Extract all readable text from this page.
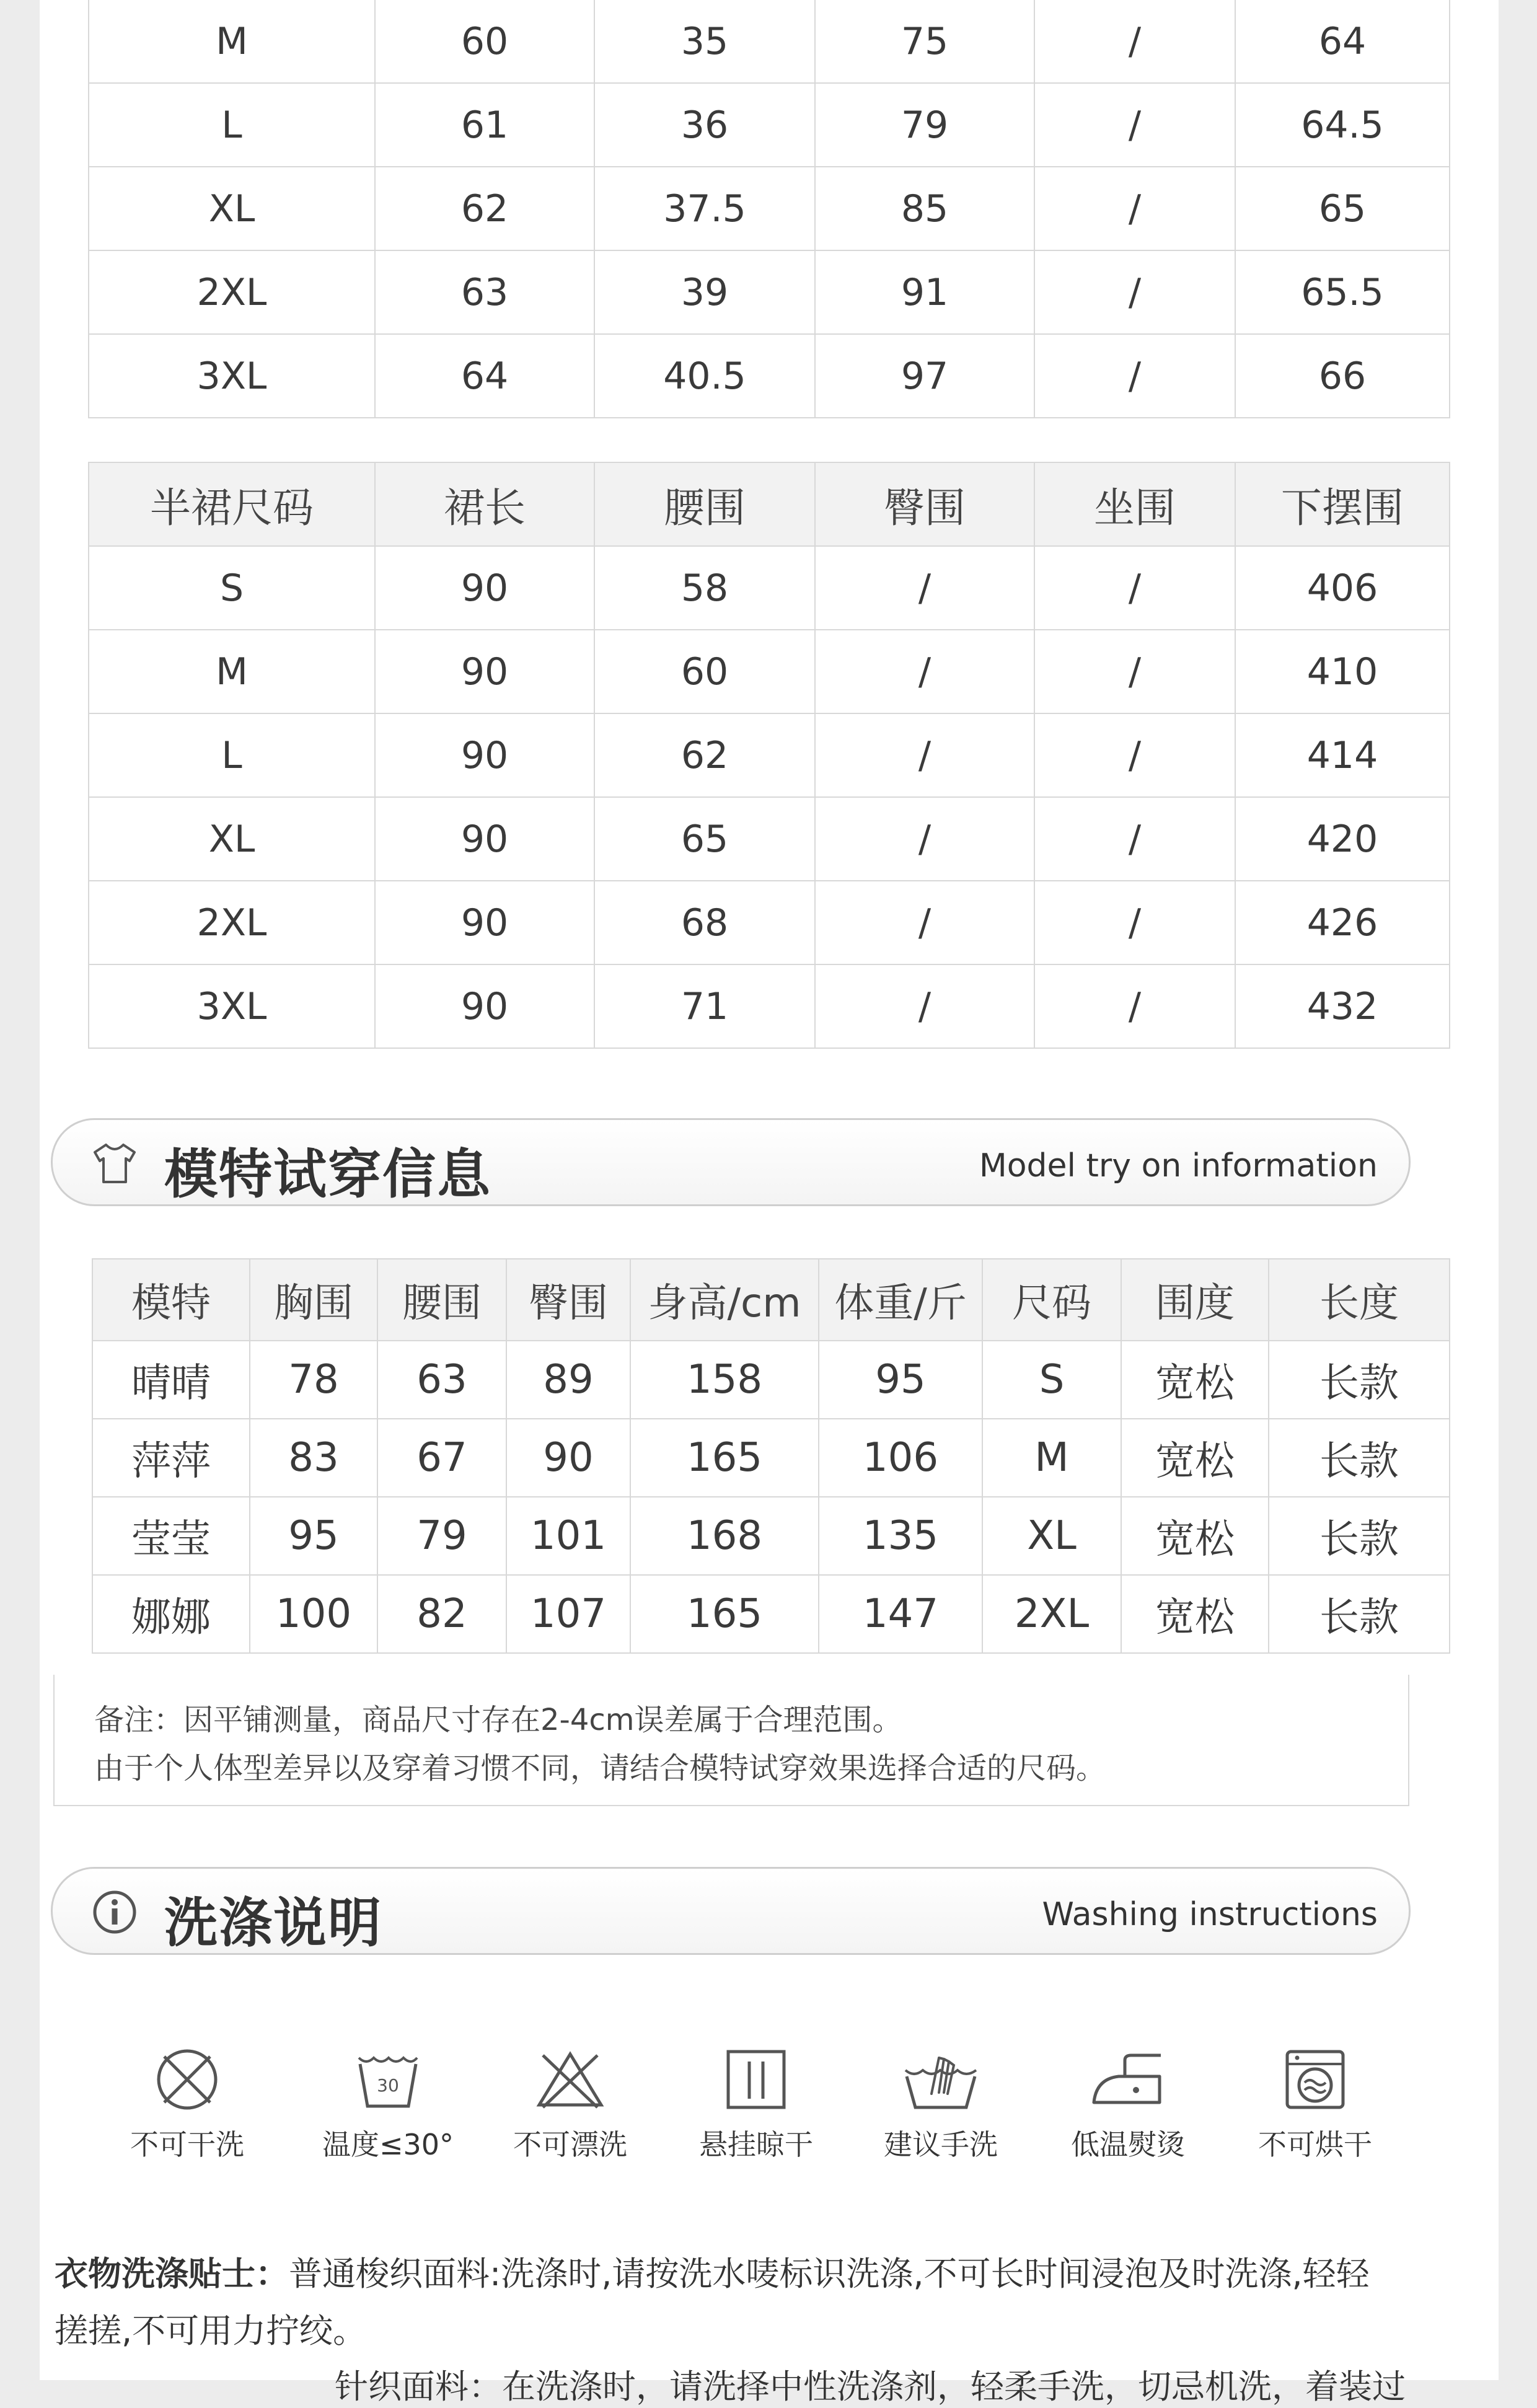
M	60	35	75	/	64
L	61	36	79	/	64.5
XL	62	37.5	85	/	65
2XL	63	39	91	/	65.5
3XL	64	40.5	97	/	66
半裙尺码	裙长	腰围	臀围	坐围	下摆围
S	90	58	/	/	406
M	90	60	/	/	410
L	90	62	/	/	414
XL	90	65	/	/	420
2XL	90	68	/	/	426
3XL	90	71	/	/	432
模特试穿信息	Model try on information
模特	胸围	腰围	臀围	身高/cm	体重/斤	尺码	围度	长度
晴晴	78	63	89	158	95	S	宽松	长款
萍萍	83	67	90	165	106	M	宽松	长款
莹莹	95	79	101	168	135	XL	宽松	长款
娜娜	100	82	107	165	147	2XL	宽松	长款
备注：因平铺测量，商品尺寸存在2-4cm误差属于合理范围。
由于个人体型差异以及穿着习惯不同，请结合模特试穿效果选择合适的尺码。
洗涤说明	Washing instructions
不可干洗
30
温度≤30°	不可漂洗	悬挂晾干	建议手洗	低温熨烫	不可烘干
衣物洗涤贴士：普通梭织面料:洗涤时,请按洗水唛标识洗涤,不可长时间浸泡及时洗涤,轻轻
搓搓,不可用力拧绞。
针织面料：在洗涤时，请洗择中性洗涤剂，轻柔手洗，切忌机洗，着装过
